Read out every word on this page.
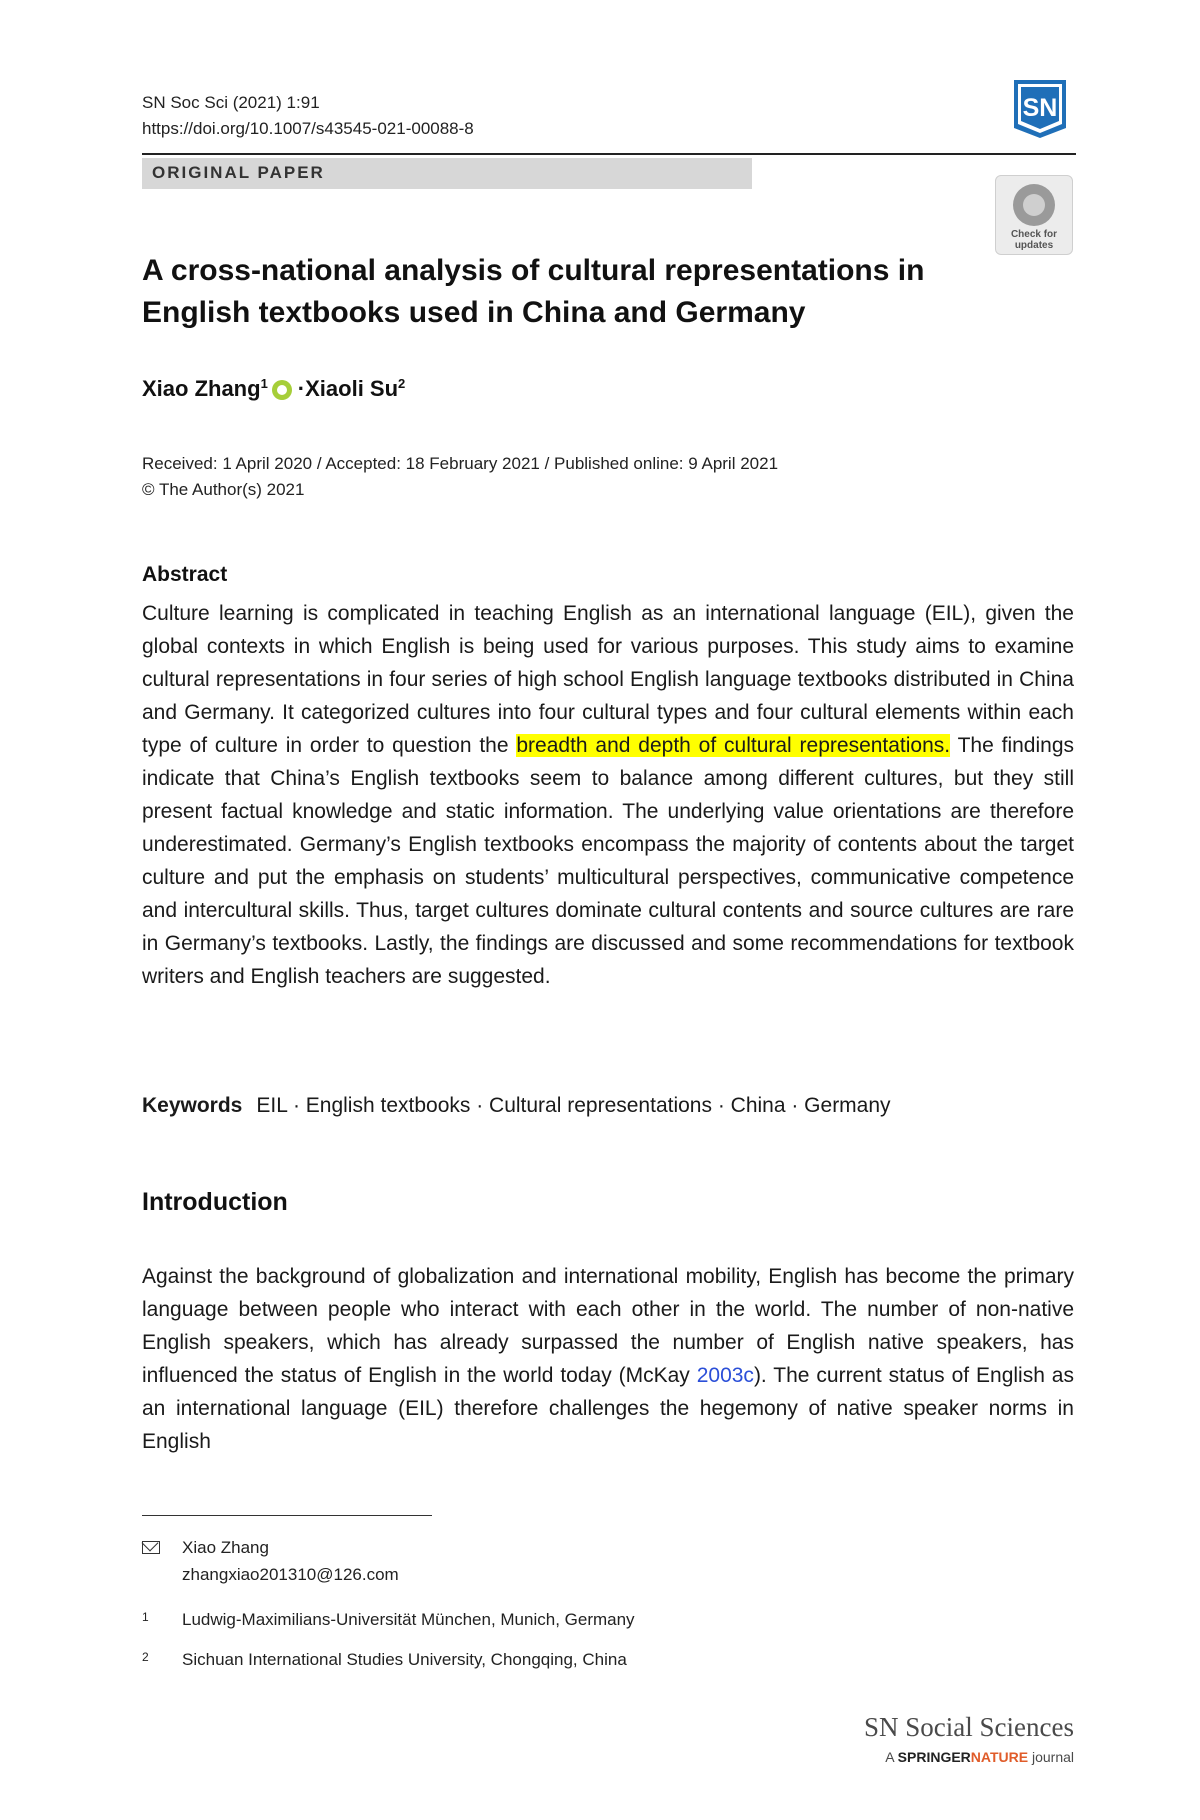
SN Soc Sci (2021) 1:91
https://doi.org/10.1007/s43545-021-00088-8
SN
ORIGINAL PAPER
Check for updates
A cross-national analysis of cultural representations in English textbooks used in China and Germany
Xiao Zhang$^1$ · Xiaoli Su$^2$
Received: 1 April 2020 / Accepted: 18 February 2021 / Published online: 9 April 2021
© The Author(s) 2021
Abstract
Culture learning is complicated in teaching English as an international language (EIL), given the global contexts in which English is being used for various purposes. This study aims to examine cultural representations in four series of high school English language textbooks distributed in China and Germany. It categorized cultures into four cultural types and four cultural elements within each type of culture in order to question the breadth and depth of cultural representations. The findings indicate that China’s English textbooks seem to balance among different cultures, but they still present factual knowledge and static information. The underlying value orientations are therefore underestimated. Germany’s English textbooks encompass the majority of contents about the target culture and put the emphasis on students’ multicultural perspectives, communicative competence and intercultural skills. Thus, target cultures dominate cultural contents and source cultures are rare in Germany’s textbooks. Lastly, the findings are discussed and some recommendations for textbook writers and English teachers are suggested.
Keywords EIL · English textbooks · Cultural representations · China · Germany
Introduction
Against the background of globalization and international mobility, English has become the primary language between people who interact with each other in the world. The number of non-native English speakers, which has already surpassed the number of English native speakers, has influenced the status of English in the world today (McKay 2003c). The current status of English as an international language (EIL) therefore challenges the hegemony of native speaker norms in English
Xiao Zhang
zhangxiao201310@126.com
1 Ludwig-Maximilians-Universität München, Munich, Germany
2 Sichuan International Studies University, Chongqing, China
SN Social Sciences
A SPRINGERNATURE journal
